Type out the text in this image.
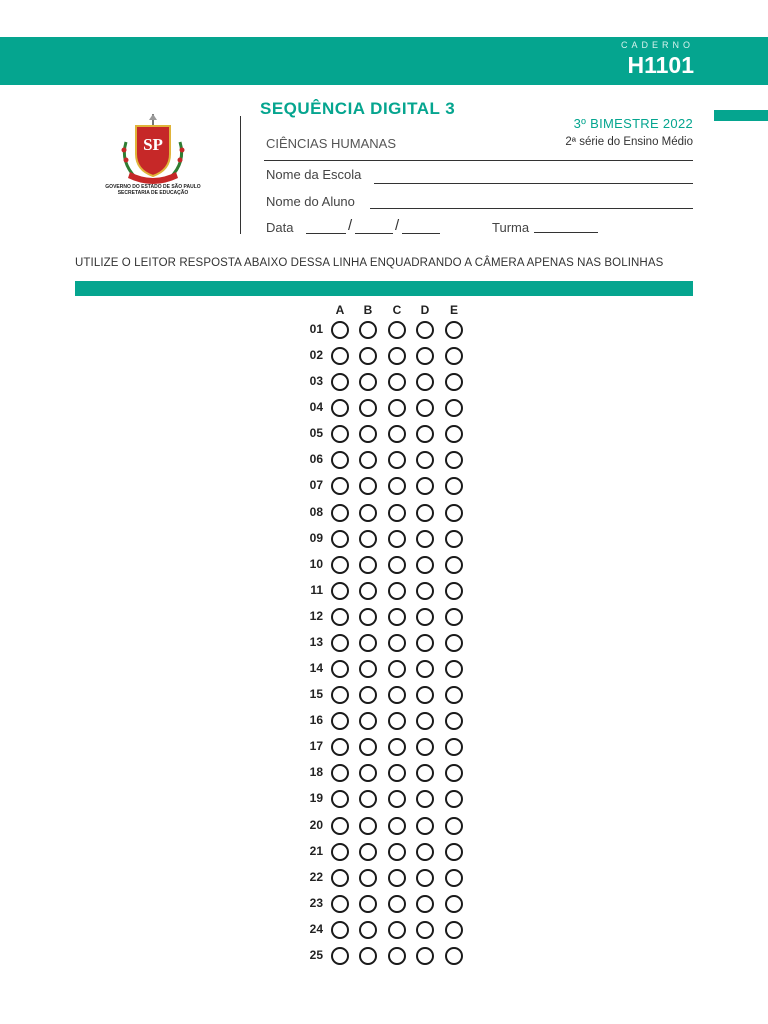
CADERNO
H1101
SP
GOVERNO DO ESTADO DE SÃO PAULO
SECRETARIA DE EDUCAÇÃO
SEQUÊNCIA DIGITAL 3
3º BIMESTRE 2022
CIÊNCIAS HUMANAS	2ª série do Ensino Médio
Nome da Escola
Nome do Aluno
Data	/	/	Turma
UTILIZE O LEITOR RESPOSTA ABAIXO DESSA LINHA ENQUADRANDO A CÂMERA APENAS NAS BOLINHAS
A	B	C	D	E
01
02
03
04
05
06
07
08
09
10
11
12
13
14
15
16
17
18
19
20
21
22
23
24
25
